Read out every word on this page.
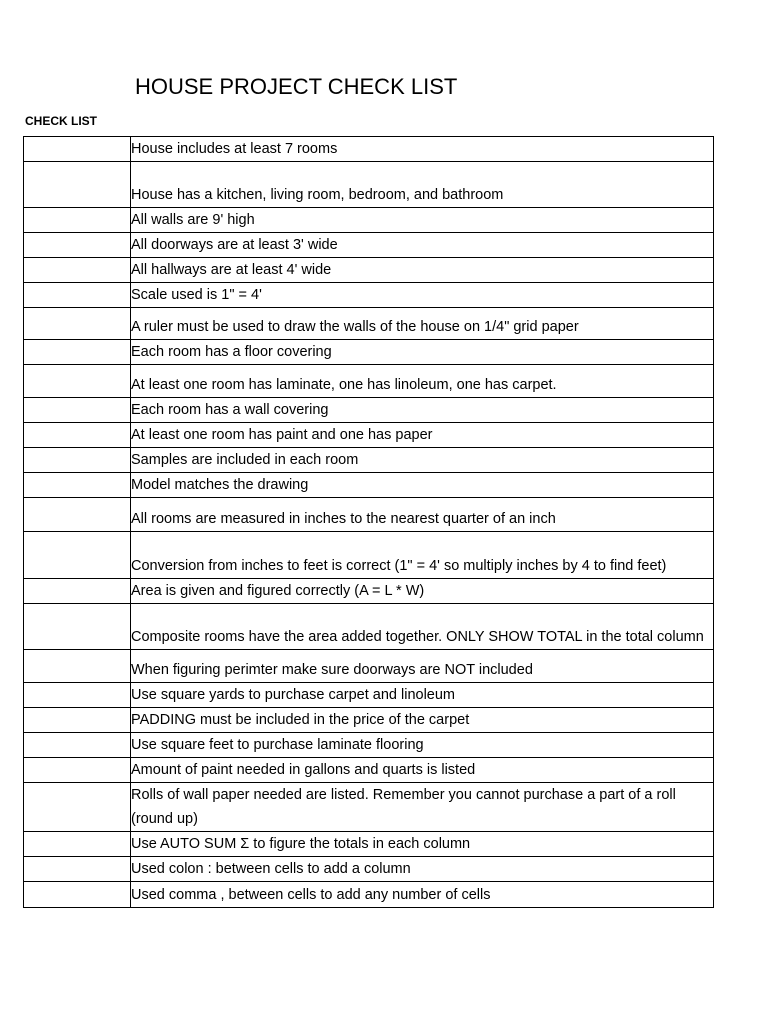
HOUSE PROJECT CHECK LIST
CHECK LIST

	House includes at least 7 rooms

	House has a kitchen, living room, bedroom, and bathroom

	All walls are 9' high

	All doorways are at least 3' wide

	All hallways are at least 4' wide

	Scale used is 1" = 4'

	A ruler must be used to draw the walls of the house on 1/4" grid paper

	Each room has a floor covering

	At least one room has laminate, one has linoleum, one has carpet.

	Each room has a wall covering

	At least one room has paint and one has paper

	Samples are included in each room

	Model matches the drawing

	All rooms are measured in inches to the nearest quarter of an inch

	Conversion from inches to feet is correct (1" = 4' so multiply inches by 4 to find feet)

	Area is given and figured correctly (A = L * W)

	Composite rooms have the area added together. ONLY SHOW TOTAL in the total column

	When figuring perimter make sure doorways are NOT included

	Use square yards to purchase carpet and linoleum

	PADDING must be included in the price of the carpet

	Use square feet to purchase laminate flooring

	Amount of paint needed in gallons and quarts is listed

	Rolls of wall paper needed are listed. Remember you cannot purchase a part of a roll (round up)

	Use AUTO SUM Σ to figure the totals in each column

	Used colon : between cells to add a column

	Used comma , between cells to add any number of cells
